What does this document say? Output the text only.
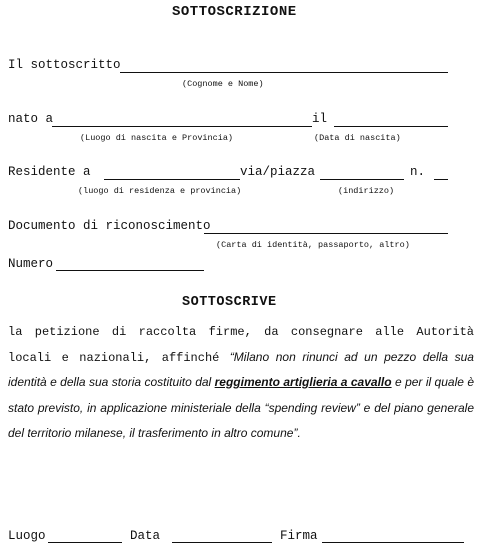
SOTTOSCRIZIONE
Il sottoscritto
(Cognome e Nome)
nato a
(Luogo di nascita e Provincia)
il
(Data di nascita)
Residente a	via/piazza	n.
(luogo di residenza e provincia)	(indirizzo)
Documento di riconoscimento
(Carta di identità, passaporto, altro)
Numero
SOTTOSCRIVE
la petizione di raccolta firme, da consegnare alle Autorità locali e nazionali, affinché “Milano non rinunci ad un pezzo della sua identità e della sua storia costituito dal reggimento artiglieria a cavallo e per il quale è stato previsto, in applicazione ministeriale della “spending review” e del piano generale del territorio milanese, il trasferimento in altro comune”.
Luogo	Data	Firma
